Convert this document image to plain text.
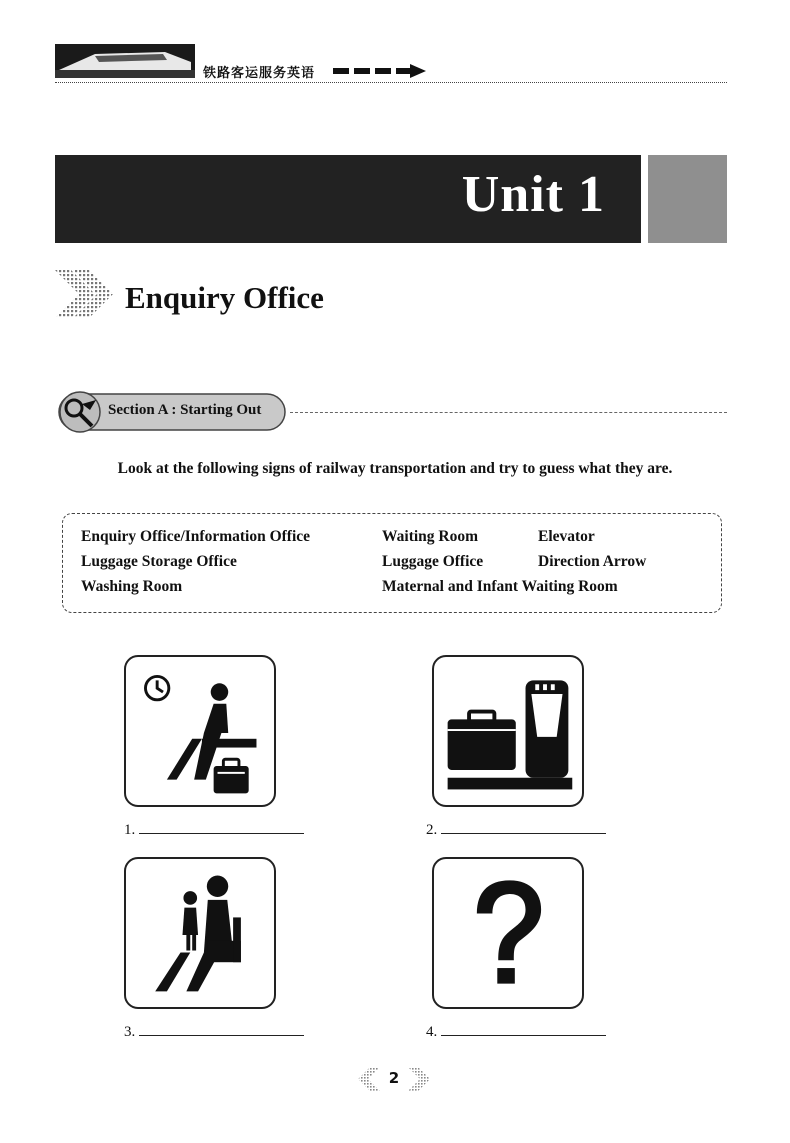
铁路客运服务英语
Unit 1
Enquiry Office
Section A : Starting Out
Look at the following signs of railway transportation and try to guess what they are.
Enquiry Office/Information Office	Waiting Room	Elevator
Luggage Storage Office	Luggage Office	Direction Arrow
Washing Room	Maternal and Infant Waiting Room
1.	2.
3.	4.
2
